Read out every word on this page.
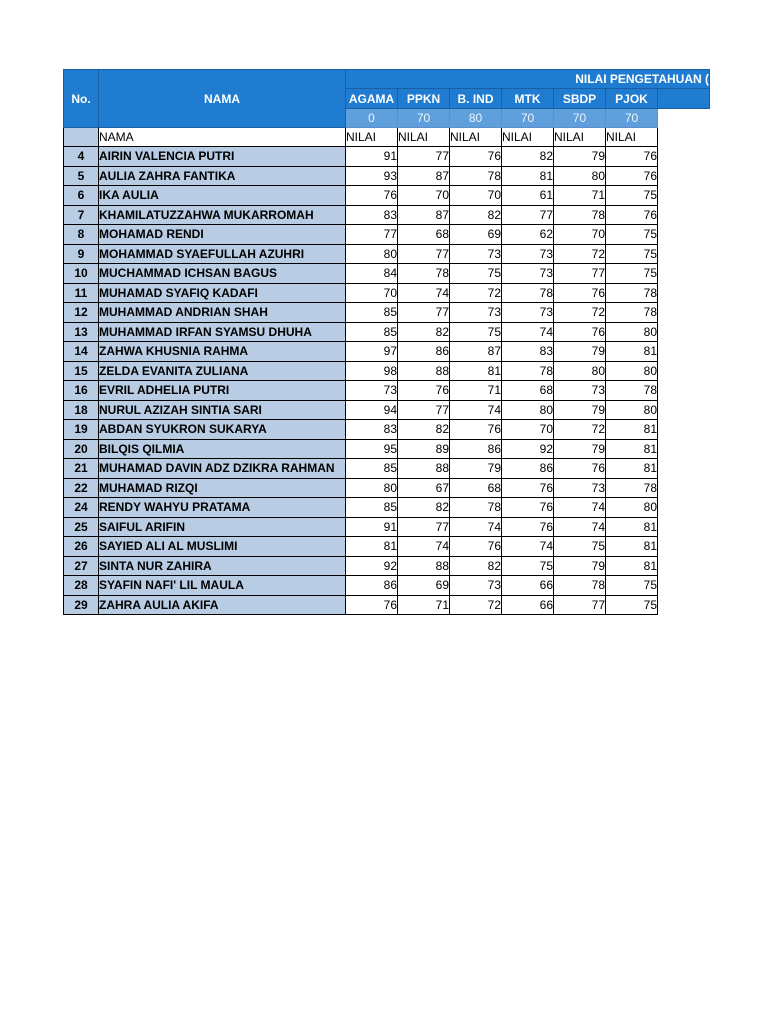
No.	NAMA	NILAI PENGETAHUAN (						
		AGAMA	PPKN	B. IND	MTK	SBDP	PJOK	
		0	70	80	70	70	70	
	NAMA	NILAI	NILAI	NILAI	NILAI	NILAI	NILAI	
4	AIRIN VALENCIA PUTRI	91	77	76	82	79	76	
5	AULIA ZAHRA FANTIKA	93	87	78	81	80	76	
6	IKA AULIA	76	70	70	61	71	75	
7	KHAMILATUZZAHWA MUKARROMAH	83	87	82	77	78	76	
8	MOHAMAD RENDI	77	68	69	62	70	75	
9	MOHAMMAD SYAEFULLAH AZUHRI	80	77	73	73	72	75	
10	MUCHAMMAD ICHSAN BAGUS	84	78	75	73	77	75	
11	MUHAMAD SYAFIQ KADAFI	70	74	72	78	76	78	
12	MUHAMMAD ANDRIAN SHAH	85	77	73	73	72	78	
13	MUHAMMAD IRFAN SYAMSU DHUHA	85	82	75	74	76	80	
14	ZAHWA KHUSNIA RAHMA	97	86	87	83	79	81	
15	ZELDA EVANITA ZULIANA	98	88	81	78	80	80	
16	EVRIL ADHELIA PUTRI	73	76	71	68	73	78	
18	NURUL AZIZAH SINTIA SARI	94	77	74	80	79	80	
19	ABDAN SYUKRON SUKARYA	83	82	76	70	72	81	
20	BILQIS QILMIA	95	89	86	92	79	81	
21	MUHAMAD DAVIN ADZ DZIKRA RAHMAN	85	88	79	86	76	81	
22	MUHAMAD RIZQI	80	67	68	76	73	78	
24	RENDY WAHYU PRATAMA	85	82	78	76	74	80	
25	SAIFUL ARIFIN	91	77	74	76	74	81	
26	SAYIED ALI AL MUSLIMI	81	74	76	74	75	81	
27	SINTA NUR ZAHIRA	92	88	82	75	79	81	
28	SYAFIN NAFI' LIL MAULA	86	69	73	66	78	75	
29	ZAHRA AULIA AKIFA	76	71	72	66	77	75	
